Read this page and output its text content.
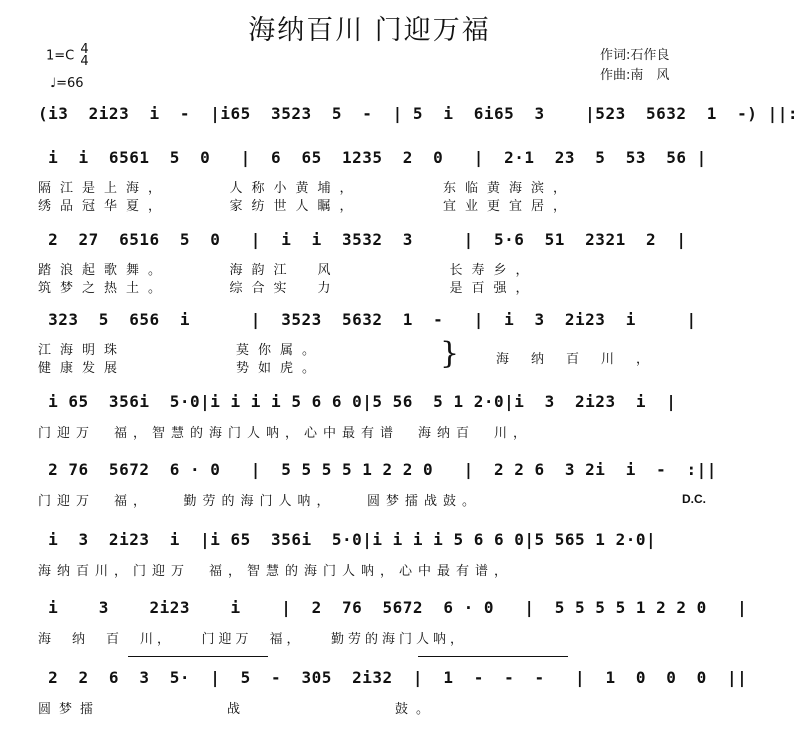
海纳百川 门迎万福
1=C 4
4
♩=66
作词:石作良
作曲:南　风
(i3  2i23  i  -  |i65  3523  5  -  | 5  i  6i65  3    |523  5632  1  -) ||:
i  i  6561  5  0   |  6  65  1235  2  0   |  2·1  23  5  53  56 |
隔江是上海，　　　人称小黄埔，　　　　东临黄海滨，
绣品冠华夏，　　　家纺世人瞩，　　　　宜业更宜居，
2  27  6516  5  0   |  i  i  3532  3     |  5·6  51  2321  2  |
踏浪起歌舞。　　　海韵江　风　　　　　长寿乡，
筑梦之热土。　　　综合实　力　　　　　是百强，
323  5  656  i      |  3523  5632  1  -   |  i  3  2i23  i     |
江海明珠　　　　　莫你属。
健康发展　　　　　势如虎。	}	海纳百川，
i 65  356i  5·0|i i i i 5 6 6 0|5 56  5 1 2·0|i  3  2i23  i  |
门迎万　福，智慧的海门人呐，心中最有谱　海纳百　川，
2 76  5672  6 · 0   |  5 5 5 5 1 2 2 0   |  2 2 6  3 2i  i  -  :||
门迎万　福，　　勤劳的海门人呐，　　圆梦擂战鼓。	D.C.
i  3  2i23  i  |i 65  356i  5·0|i i i i 5 6 6 0|5 565 1 2·0|
海纳百川，门迎万　福，智慧的海门人呐，心中最有谱，
i    3    2i23    i    |  2  76  5672  6 · 0   |  5 5 5 5 1 2 2 0   |
海　纳　百　川，　　门迎万　福，　　勤劳的海门人呐，
2  2  6  3  5·  |  5  -  305  2i32  |  1  -  -  -   |  1  0  0  0  ||
圆梦擂　　　　　　战　　　　　　　鼓。
